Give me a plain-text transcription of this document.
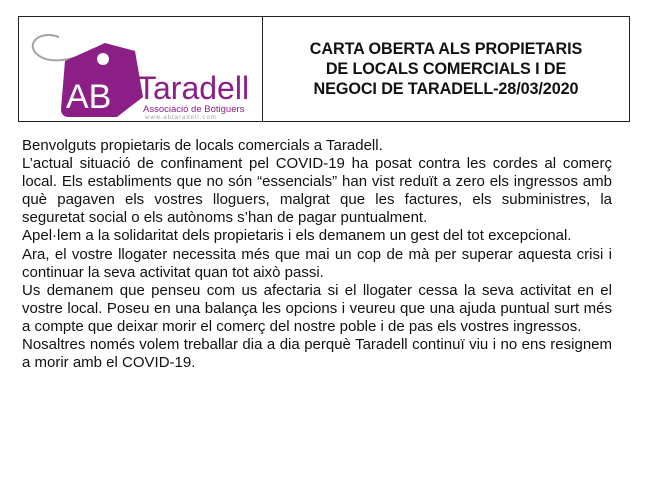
AB Taradell
Associació de Botiguers
www.abtaradell.com
CARTA OBERTA ALS PROPIETARIS
DE LOCALS COMERCIALS I DE
NEGOCI DE TARADELL-28/03/2020

Benvolguts propietaris de locals comercials a Taradell.

L’actual situació de confinament pel COVID-19 ha posat contra les cordes al comerç local. Els establiments que no són “essencials” han vist reduït a zero els ingressos amb què pagaven els vostres lloguers, malgrat que les factures, els subministres, la seguretat social o els autònoms s’han de pagar puntualment.

Apel·lem a la solidaritat dels propietaris i els demanem un gest del tot excepcional.

Ara, el vostre llogater necessita més que mai un cop de mà per superar aquesta crisi i continuar la seva activitat quan tot això passi.

Us demanem que penseu com us afectaria si el llogater cessa la seva activitat en el vostre local. Poseu en una balança les opcions i veureu que una ajuda puntual surt més a compte que deixar morir el comerç del nostre poble i de pas els vostres ingressos.

Nosaltres només volem treballar dia a dia perquè Taradell continuï viu i no ens resignem a morir amb el COVID-19.
